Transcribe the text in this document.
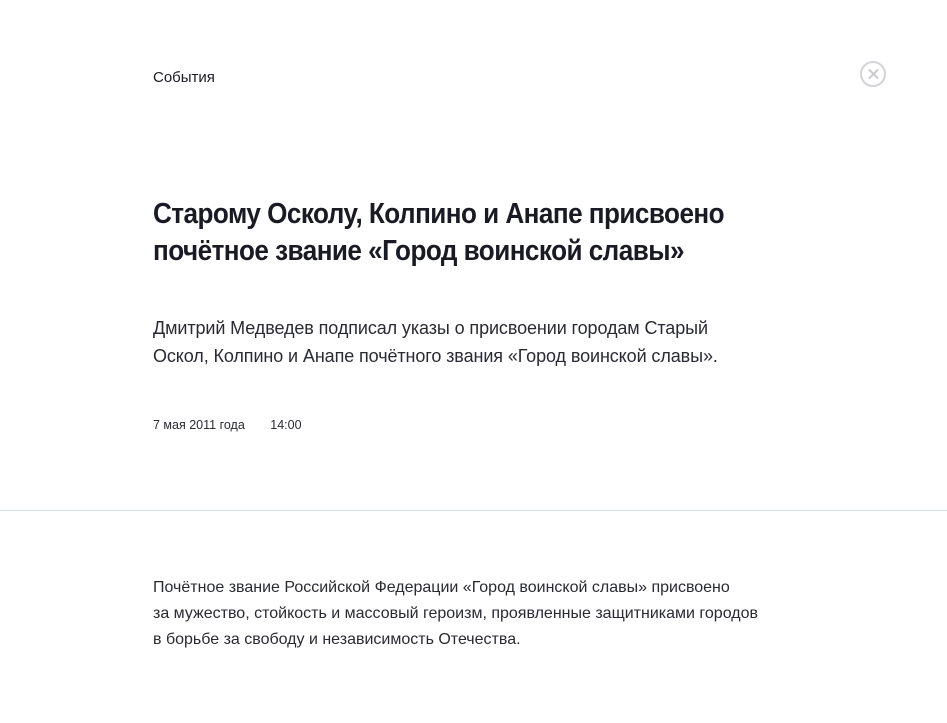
События
Старому Осколу, Колпино и Анапе присвоено
почётное звание «Город воинской славы»

Дмитрий Медведев подписал указы о присвоении городам Старый
Оскол, Колпино и Анапе почётного звания «Город воинской славы».

7 мая 2011 года 14:00

Почётное звание Российской Федерации «Город воинской славы» присвоено
за мужество, стойкость и массовый героизм, проявленные защитниками городов
в борьбе за свободу и независимость Отечества.
